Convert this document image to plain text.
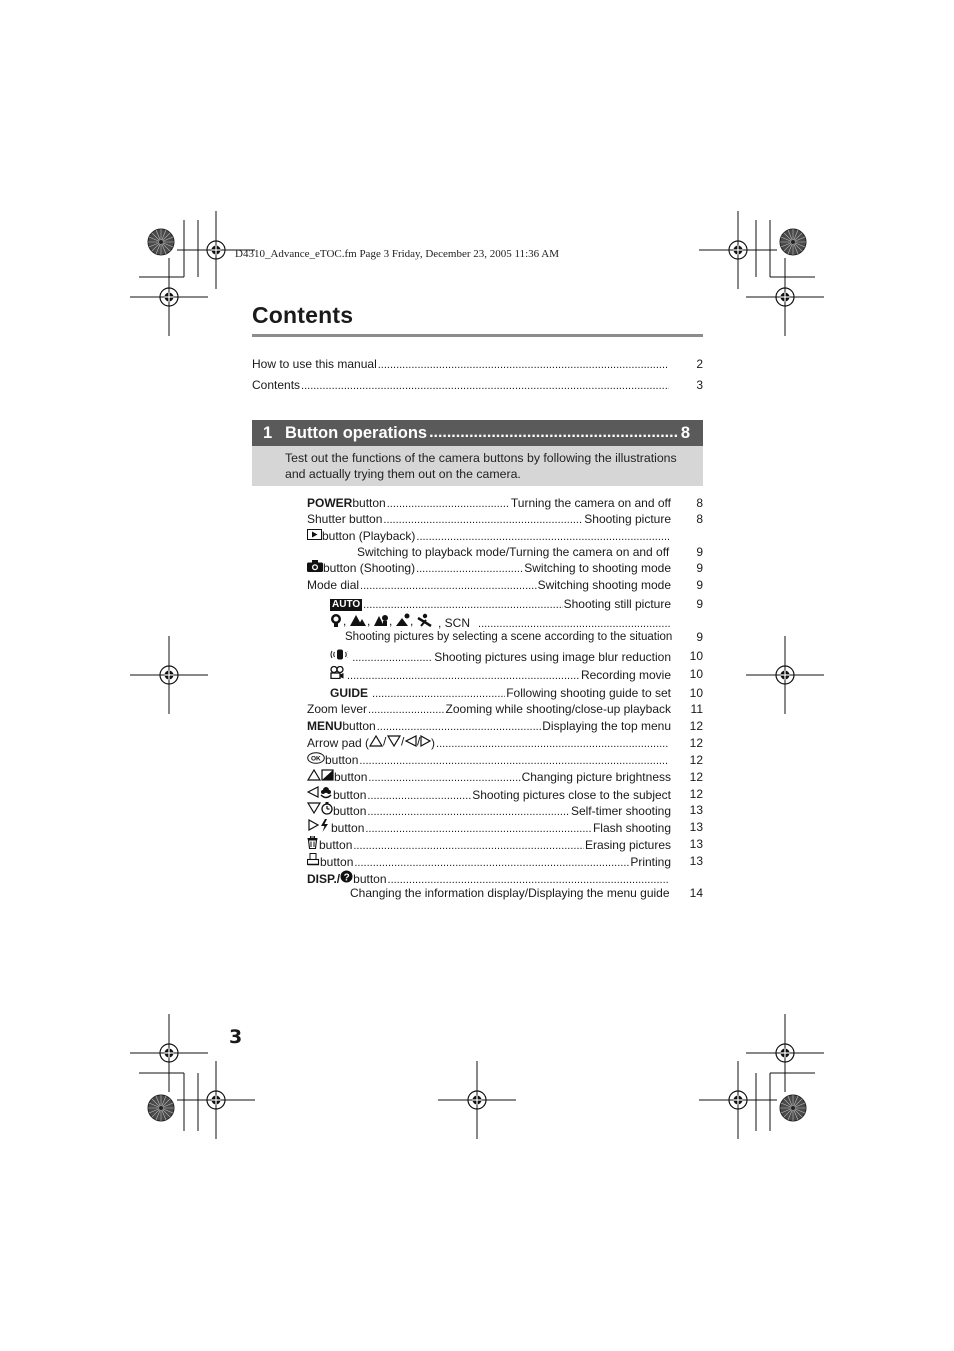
D4310_Advance_eTOC.fm Page 3 Friday, December 23, 2005 11:36 AM
Contents
How to use this manual .....	2
Contents .....	3
1 Button operations .....	8

Test out the functions of the camera buttons by following the illustrations and actually trying them out on the camera.

POWER button .....	Turning the camera on and off	8
Shutter button .....	Shooting picture	8
button (Playback)
.....
Switching to playback mode/Turning the camera on and off	9
button (Shooting) .....	Switching to shooting mode	9
Mode dial .....	Switching shooting mode	9
AUTO .....	Shooting still picture	9
, , , , , SCN
.....
Shooting pictures by selecting a scene according to the situation	9
.....
Shooting pictures using image blur reduction	10
.....
Recording movie	10
GUIDE .....	Following shooting guide to set	10
Zoom lever .....	Zooming while shooting/close-up playback	11
MENU button .....	Displaying the top menu	12
Arrow pad ( / / / ) .....	12
OK button .....	12
button .....	Changing picture brightness	12
button .....	Shooting pictures close to the subject	12
button .....	Self-timer shooting	13
button .....	Flash shooting	13
button .....	Erasing pictures	13
button .....	Printing	13
DISP./ ? button
.....
Changing the information display/Displaying the menu guide	14
3
